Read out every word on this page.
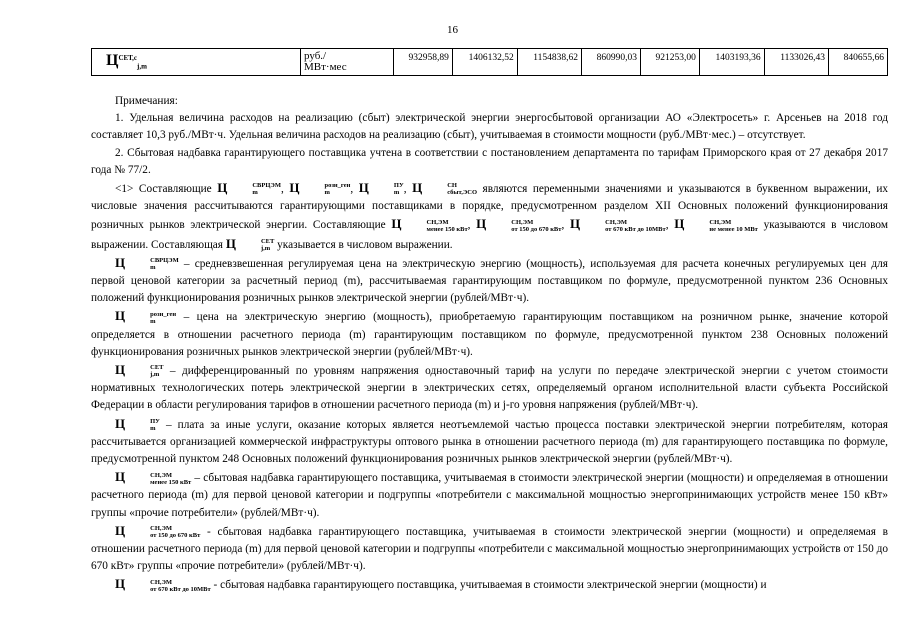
16
$Ц^{СЕТ,с}_{j,m}$	руб./
МВт·мес	932958,89	1406132,52	1154838,62	860990,03	921253,00	1403193,36	1133026,43	840655,66

Примечания:

1. Удельная величина расходов на реализацию (сбыт) электрической энергии энергосбытовой организации АО «Электросеть» г. Арсеньев на 2018 год составляет 10,3 руб./МВт·ч. Удельная величина расходов на реализацию (сбыт), учитываемая в стоимости мощности (руб./МВт·мес.) – отсутствует.

2. Сбытовая надбавка гарантирующего поставщика учтена в соответствии с постановлением департамента по тарифам Приморского края от 27 декабря 2017 года № 77/2.

<1> Составляющие Ц	СВРЦЭМ
m	, Ц	розн_ген
m	, Ц	ПУ
m , Ц	СН
сбыт,ЭСО являются переменными значениями и указываются в буквенном выражении, их числовые значения рассчитываются гарантирующими поставщиками в порядке, предусмотренном разделом XII Основных положений функционирования розничных рынков электрической энергии. Составляющие Ц	СН,ЭМ
менее 150 кВт , Ц	СН,ЭМ
от 150 до 670 кВт , Ц	СН,ЭМ
от 670 кВт до 10МВт , Ц	СН,ЭМ
не менее 10 МВт указываются в числовом выражении. Составляющая Ц	СЕТ
j,m указывается в числовом выражении.

Ц	СВРЦЭМ
m	– средневзвешенная регулируемая цена на электрическую энергию (мощность), используемая для расчета конечных регулируемых цен для первой ценовой категории за расчетный период (m), рассчитываемая гарантирующим поставщиком по формуле, предусмотренной пунктом 236 Основных положений функционирования розничных рынков электрической энергии (рублей/МВт·ч).

Ц	розн_ген
m	– цена на электрическую энергию (мощность), приобретаемую гарантирующим поставщиком на розничном рынке, значение которой определяется в отношении расчетного периода (m) гарантирующим поставщиком по формуле, предусмотренной пунктом 238 Основных положений функционирования розничных рынков электрической энергии (рублей/МВт·ч).

Ц	СЕТ
j,m – дифференцированный по уровням напряжения одноставочный тариф на услуги по передаче электрической энергии с учетом стоимости нормативных технологических потерь электрической энергии в электрических сетях, определяемый органом исполнительной власти субъекта Российской Федерации в области регулирования тарифов в отношении расчетного периода (m) и j-го уровня напряжения (рублей/МВт·ч).

Ц	ПУ
m – плата за иные услуги, оказание которых является неотъемлемой частью процесса поставки электрической энергии потребителям, которая рассчитывается организацией коммерческой инфраструктуры оптового рынка в отношении расчетного периода (m) для гарантирующего поставщика по формуле, предусмотренной пунктом 248 Основных положений функционирования розничных рынков электрической энергии (рублей/МВт·ч).

Ц	СН,ЭМ
менее 150 кВт – сбытовая надбавка гарантирующего поставщика, учитываемая в стоимости электрической энергии (мощности) и определяемая в отношении расчетного периода (m) для первой ценовой категории и подгруппы «потребители с максимальной мощностью энергопринимающих устройств менее 150 кВт» группы «прочие потребители» (рублей/МВт·ч).

Ц	СН,ЭМ
от 150 до 670 кВт - сбытовая надбавка гарантирующего поставщика, учитываемая в стоимости электрической энергии (мощности) и определяемая в отношении расчетного периода (m) для первой ценовой категории и подгруппы «потребители с максимальной мощностью энергопринимающих устройств от 150 до 670 кВт» группы «прочие потребители» (рублей/МВт·ч).

Ц	СН,ЭМ
от 670 кВт до 10МВт - сбытовая надбавка гарантирующего поставщика, учитываемая в стоимости электрической энергии (мощности) и
